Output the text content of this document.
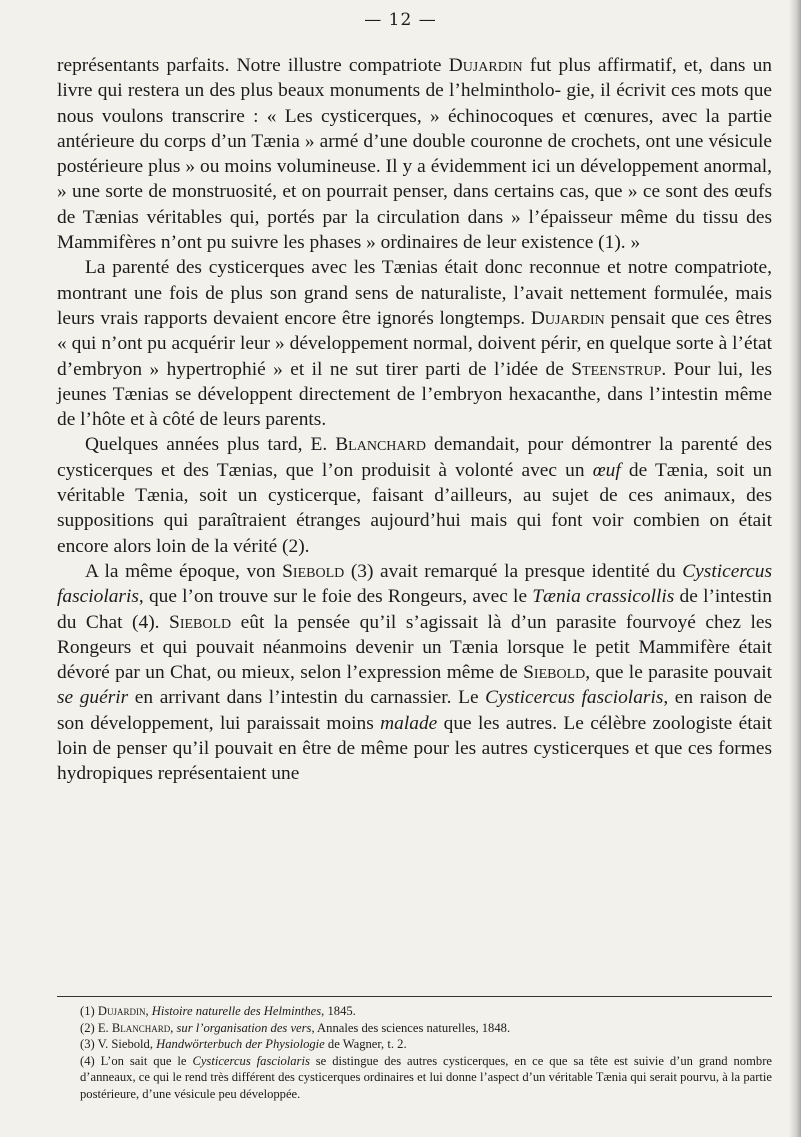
— 12 —

représentants parfaits. Notre illustre compatriote Dujardin fut plus affirmatif, et, dans un livre qui restera un des plus beaux monuments de l’helmintholo- gie, il écrivit ces mots que nous voulons transcrire : « Les cysticerques, » échinocoques et cœnures, avec la partie antérieure du corps d’un Tænia » armé d’une double couronne de crochets, ont une vésicule postérieure plus » ou moins volumineuse. Il y a évidemment ici un développement anormal, » une sorte de monstruosité, et on pourrait penser, dans certains cas, que » ce sont des œufs de Tænias véritables qui, portés par la circulation dans » l’épaisseur même du tissu des Mammifères n’ont pu suivre les phases » ordinaires de leur existence (1). »

La parenté des cysticerques avec les Tænias était donc reconnue et notre compatriote, montrant une fois de plus son grand sens de naturaliste, l’avait nettement formulée, mais leurs vrais rapports devaient encore être ignorés longtemps. Dujardin pensait que ces êtres « qui n’ont pu acquérir leur » développement normal, doivent périr, en quelque sorte à l’état d’embryon » hypertrophié » et il ne sut tirer parti de l’idée de Steenstrup. Pour lui, les jeunes Tænias se développent directement de l’embryon hexacanthe, dans l’intestin même de l’hôte et à côté de leurs parents.

Quelques années plus tard, E. Blanchard demandait, pour démontrer la parenté des cysticerques et des Tænias, que l’on produisit à volonté avec un œuf de Tænia, soit un véritable Tænia, soit un cysticerque, faisant d’ailleurs, au sujet de ces animaux, des suppositions qui paraîtraient étranges aujourd’hui mais qui font voir combien on était encore alors loin de la vérité (2).

A la même époque, von Siebold (3) avait remarqué la presque identité du Cysticercus fasciolaris, que l’on trouve sur le foie des Rongeurs, avec le Tænia crassicollis de l’intestin du Chat (4). Siebold eût la pensée qu’il s’agissait là d’un parasite fourvoyé chez les Rongeurs et qui pouvait néanmoins devenir un Tænia lorsque le petit Mammifère était dévoré par un Chat, ou mieux, selon l’expression même de Siebold, que le parasite pouvait se guérir en arrivant dans l’intestin du carnassier. Le Cysticercus fasciolaris, en raison de son développement, lui paraissait moins malade que les autres. Le célèbre zoologiste était loin de penser qu’il pouvait en être de même pour les autres cysticerques et que ces formes hydropiques représentaient une

(1) Dujardin, Histoire naturelle des Helminthes, 1845.

(2) E. Blanchard, sur l’organisation des vers, Annales des sciences naturelles, 1848.

(3) V. Siebold, Handwörterbuch der Physiologie de Wagner, t. 2.

(4) L’on sait que le Cysticercus fasciolaris se distingue des autres cysticerques, en ce que sa tête est suivie d’un grand nombre d’anneaux, ce qui le rend très différent des cysticerques ordinaires et lui donne l’aspect d’un véritable Tænia qui serait pourvu, à la partie postérieure, d’une vésicule peu développée.
